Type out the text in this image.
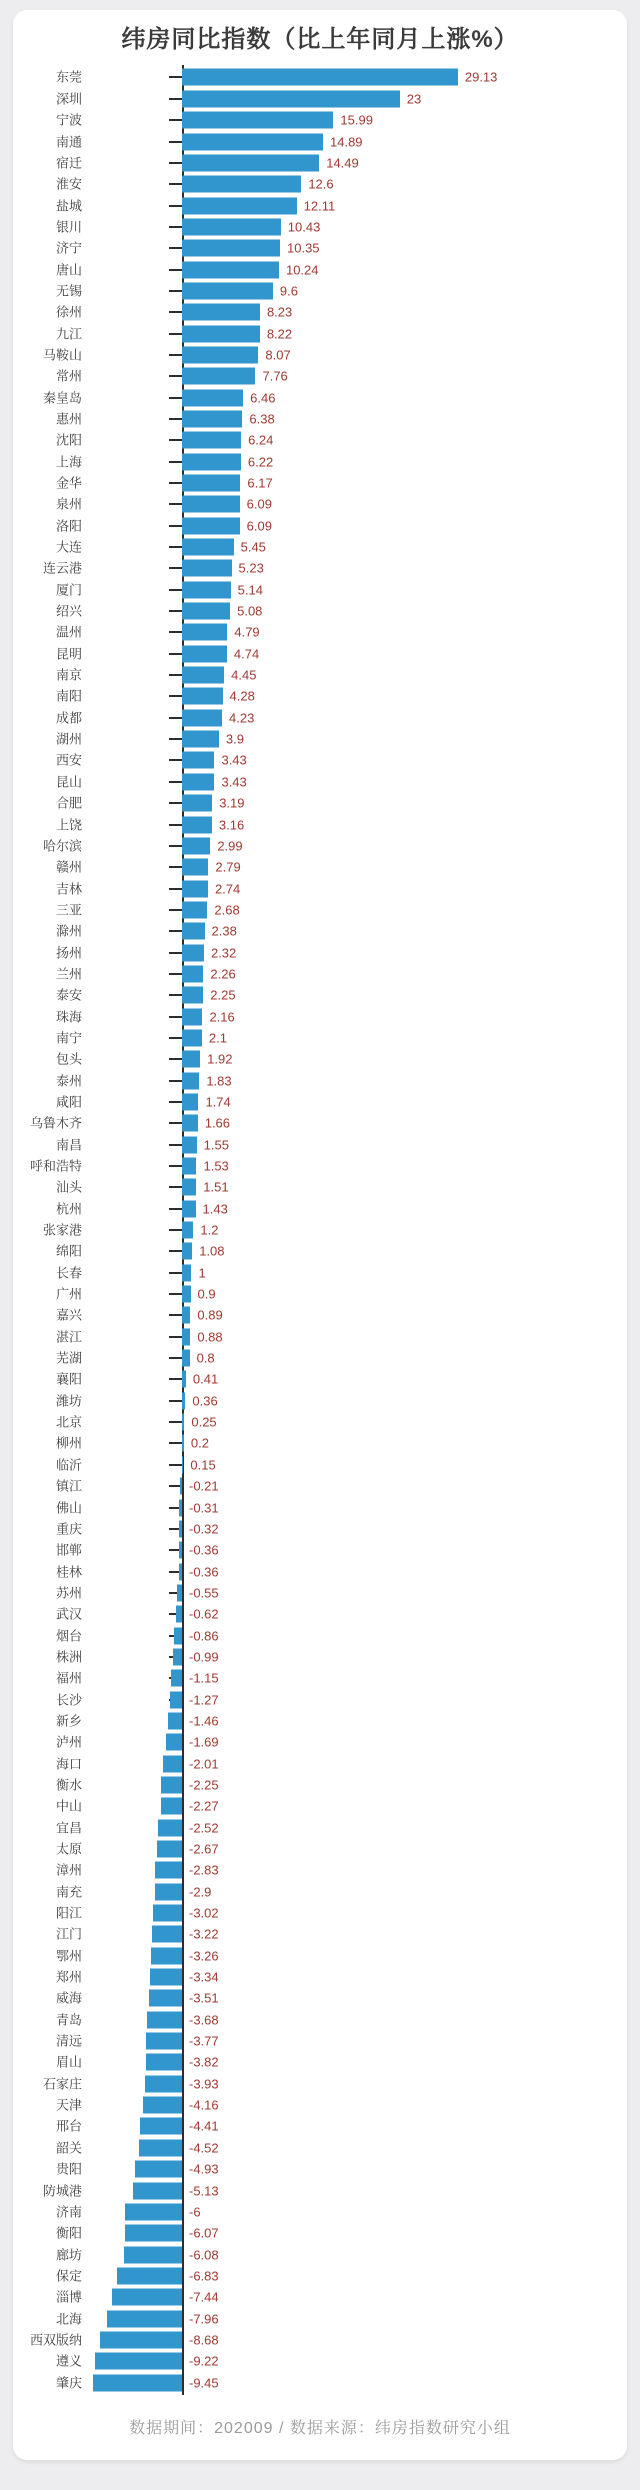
纬房同比指数（比上年同月上涨%）
东莞	29.13
深圳	23
宁波	15.99
南通	14.89
宿迁	14.49
淮安	12.6
盐城	12.11
银川	10.43
济宁	10.35
唐山	10.24
无锡	9.6
徐州	8.23
九江	8.22
马鞍山	8.07
常州	7.76
秦皇岛	6.46
惠州	6.38
沈阳	6.24
上海	6.22
金华	6.17
泉州	6.09
洛阳	6.09
大连	5.45
连云港	5.23
厦门	5.14
绍兴	5.08
温州	4.79
昆明	4.74
南京	4.45
南阳	4.28
成都	4.23
湖州	3.9
西安	3.43
昆山	3.43
合肥	3.19
上饶	3.16
哈尔滨	2.99
赣州	2.79
吉林	2.74
三亚	2.68
滁州	2.38
扬州	2.32
兰州	2.26
泰安	2.25
珠海	2.16
南宁	2.1
包头	1.92
泰州	1.83
咸阳	1.74
乌鲁木齐	1.66
南昌	1.55
呼和浩特	1.53
汕头	1.51
杭州	1.43
张家港	1.2
绵阳	1.08
长春	1
广州	0.9
嘉兴	0.89
湛江	0.88
芜湖	0.8
襄阳	0.41
潍坊	0.36
北京	0.25
柳州	0.2
临沂	0.15
镇江	-0.21
佛山	-0.31
重庆	-0.32
邯郸	-0.36
桂林	-0.36
苏州	-0.55
武汉	-0.62
烟台	-0.86
株洲	-0.99
福州	-1.15
长沙	-1.27
新乡	-1.46
泸州	-1.69
海口	-2.01
衡水	-2.25
中山	-2.27
宜昌	-2.52
太原	-2.67
漳州	-2.83
南充	-2.9
阳江	-3.02
江门	-3.22
鄂州	-3.26
郑州	-3.34
威海	-3.51
青岛	-3.68
清远	-3.77
眉山	-3.82
石家庄	-3.93
天津	-4.16
邢台	-4.41
韶关	-4.52
贵阳	-4.93
防城港	-5.13
济南	-6
衡阳	-6.07
廊坊	-6.08
保定	-6.83
淄博	-7.44
北海	-7.96
西双版纳	-8.68
遵义	-9.22
肇庆	-9.45
数据期间：202009 / 数据来源：纬房指数研究小组
